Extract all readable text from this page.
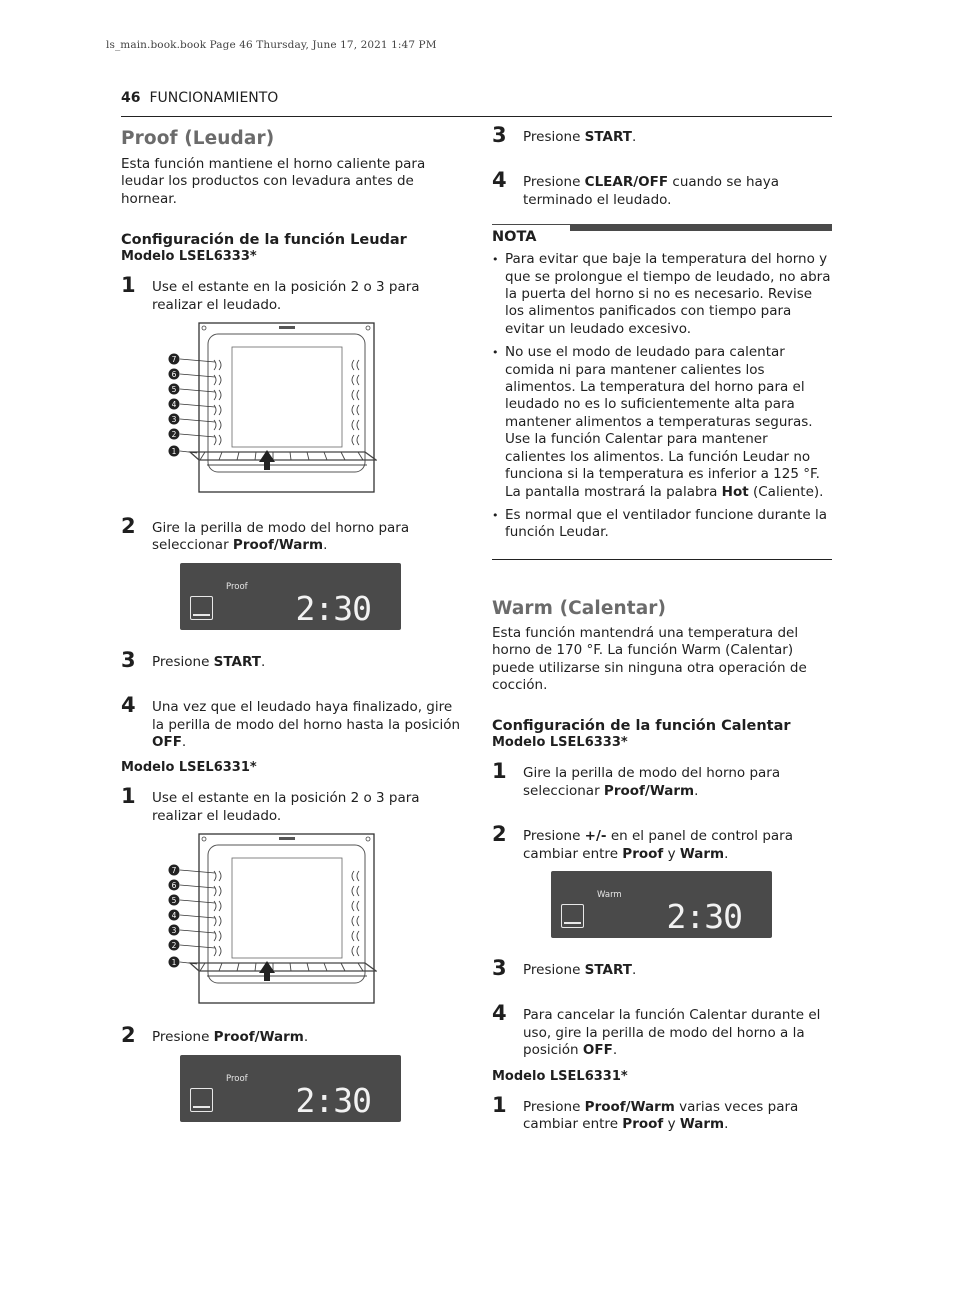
ls_main.book.book Page 46 Thursday, June 17, 2021 1:47 PM
46 FUNCIONAMIENTO
Proof (Leudar)
Esta función mantiene el horno caliente para leudar los productos con levadura antes de hornear.
Configuración de la función Leudar
Modelo LSEL6333*
1	Use el estante en la posición 2 o 3 para realizar el leudado.
7
6
5
4
3
2
1
2	Gire la perilla de modo del horno para seleccionar Proof/Warm.
Proof
2:30
3	Presione START.
4	Una vez que el leudado haya finalizado, gire la perilla de modo del horno hasta la posición OFF.
Modelo LSEL6331*
1	Use el estante en la posición 2 o 3 para realizar el leudado.
7
6
5
4
3
2
1
2	Presione Proof/Warm.
Proof
2:30
3	Presione START.
4	Presione CLEAR/OFF cuando se haya terminado el leudado.
NOTA
• Para evitar que baje la temperatura del horno y que se prolongue el tiempo de leudado, no abra la puerta del horno si no es necesario. Revise los alimentos panificados con tiempo para evitar un leudado excesivo.
• No use el modo de leudado para calentar comida ni para mantener calientes los alimentos. La temperatura del horno para el leudado no es lo suficientemente alta para mantener alimentos a temperaturas seguras. Use la función Calentar para mantener calientes los alimentos. La función Leudar no funciona si la temperatura es inferior a 125 °F. La pantalla mostrará la palabra Hot (Caliente).
• Es normal que el ventilador funcione durante la función Leudar.
Warm (Calentar)
Esta función mantendrá una temperatura del horno de 170 °F. La función Warm (Calentar) puede utilizarse sin ninguna otra operación de cocción.
Configuración de la función Calentar
Modelo LSEL6333*
1	Gire la perilla de modo del horno para seleccionar Proof/Warm.
2	Presione +/- en el panel de control para cambiar entre Proof y Warm.
Warm
2:30
3	Presione START.
4	Para cancelar la función Calentar durante el uso, gire la perilla de modo del horno a la posición OFF.
Modelo LSEL6331*
1	Presione Proof/Warm varias veces para cambiar entre Proof y Warm.
